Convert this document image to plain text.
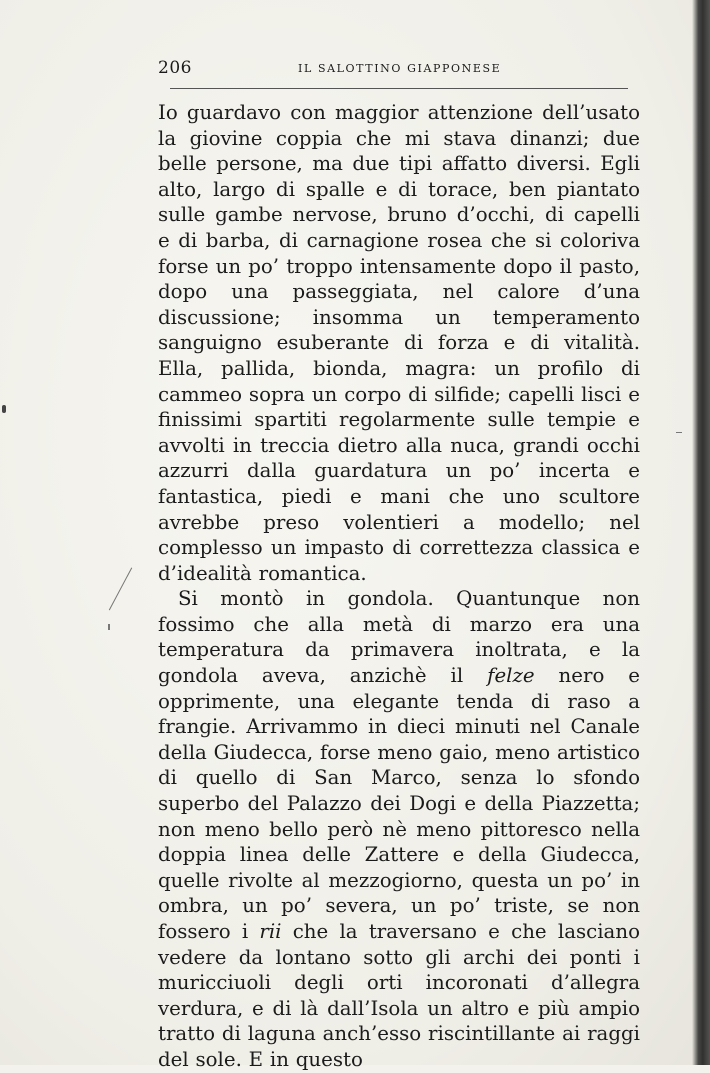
206	IL SALOTTINO GIAPPONESE

Io guardavo con maggior attenzione dell’usato la giovine coppia che mi stava dinanzi; due belle persone, ma due tipi affatto diversi. Egli alto, largo di spalle e di torace, ben piantato sulle gambe nervose, bruno d’occhi, di capelli e di barba, di carnagione rosea che si coloriva forse un po’ troppo intensamente dopo il pasto, dopo una passeggiata, nel calore d’una discussione; insomma un temperamento sanguigno esuberante di forza e di vitalità. Ella, pallida, bionda, magra: un profilo di cammeo sopra un corpo di silfide; capelli lisci e finissimi spartiti regolarmente sulle tempie e avvolti in treccia dietro alla nuca, grandi occhi azzurri dalla guardatura un po’ incerta e fantastica, piedi e mani che uno scultore avrebbe preso volentieri a modello; nel complesso un impasto di correttezza classica e d’idealità romantica.

Si montò in gondola. Quantunque non fossimo che alla metà di marzo era una temperatura da primavera inoltrata, e la gondola aveva, anzichè il felze nero e opprimente, una elegante tenda di raso a frangie. Arrivammo in dieci minuti nel Canale della Giudecca, forse meno gaio, meno artistico di quello di San Marco, senza lo sfondo superbo del Palazzo dei Dogi e della Piazzetta; non meno bello però nè meno pittoresco nella doppia linea delle Zattere e della Giudecca, quelle rivolte al mezzogiorno, questa un po’ in ombra, un po’ severa, un po’ triste, se non fossero i rii che la traversano e che lasciano vedere da lontano sotto gli archi dei ponti i muricciuoli degli orti incoronati d’allegra verdura, e di là dall’Isola un altro e più ampio tratto di laguna anch’esso riscintillante ai raggi del sole. E in questo
